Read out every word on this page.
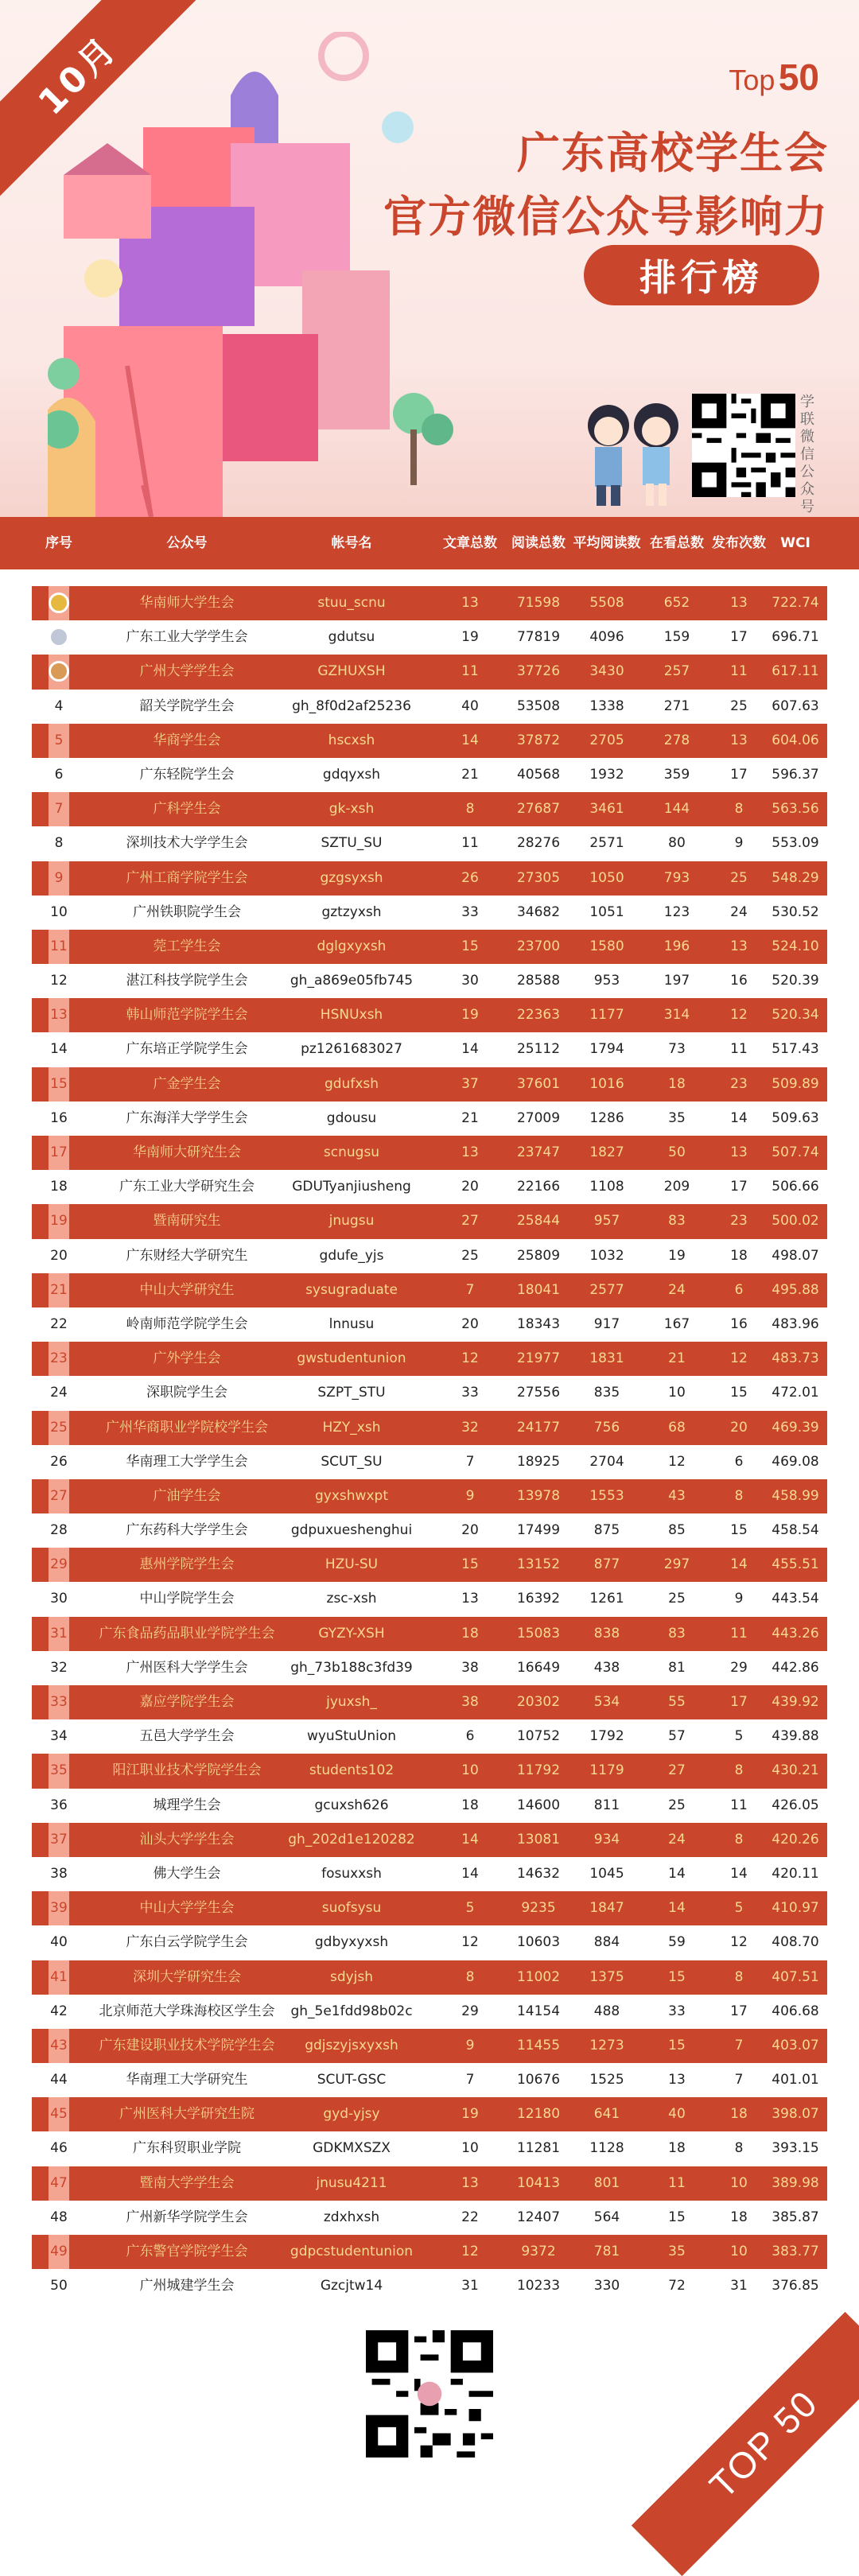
10月	Top 50
广东高校学生会
官方微信公众号影响力
排行榜
学联微信公众号
序号	公众号	帐号名	文章总数 阅读总数 平均阅读数 在看总数 发布次数 WCI
华南师大学生会	stuu_scnu	13	71598 5508	652	13 722.74
广东工业大学学生会	gdutsu	19	77819 4096	159	17 696.71
广州大学学生会	GZHUXSH	11	37726 3430	257	11 617.11
4	韶关学院学生会	gh_8f0d2af25236	40	53508 1338	271	25 607.63
5	华商学生会	hscxsh	14	37872 2705	278	13 604.06
6	广东轻院学生会	gdqyxsh	21	40568 1932	359	17 596.37
7	广科学生会	gk-xsh	8	27687 3461	144	8 563.56
8	深圳技术大学学生会	SZTU_SU	11	28276 2571	80	9 553.09
9	广州工商学院学生会	gzgsyxsh	26	27305 1050	793	25 548.29
10	广州铁职院学生会	gztzyxsh	33	34682 1051	123	24 530.52
11	莞工学生会	dglgxyxsh	15	23700 1580	196	13 524.10
12	湛江科技学院学生会	gh_a869e05fb745	30	28588	953	197	16 520.39
13	韩山师范学院学生会	HSNUxsh	19	22363 1177	314	12 520.34
14	广东培正学院学生会	pz1261683027	14	25112 1794	73	11 517.43
15	广金学生会	gdufxsh	37	37601 1016	18	23 509.89
16	广东海洋大学学生会	gdousu	21	27009 1286	35	14 509.63
17	华南师大研究生会	scnugsu	13	23747 1827	50	13 507.74
18	广东工业大学研究生会	GDUTyanjiusheng	20	22166 1108	209	17 506.66
19	暨南研究生	jnugsu	27	25844	957	83	23 500.02
20	广东财经大学研究生	gdufe_yjs	25	25809 1032	19	18 498.07
21	中山大学研究生	sysugraduate	7	18041 2577	24	6 495.88
22	岭南师范学院学生会	lnnusu	20	18343	917	167	16 483.96
23	广外学生会	gwstudentunion	12	21977 1831	21	12 483.73
24	深职院学生会	SZPT_STU	33	27556	835	10	15 472.01
25	广州华商职业学院校学生会	HZY_xsh	32	24177	756	68	20 469.39
26	华南理工大学学生会	SCUT_SU	7	18925 2704	12	6 469.08
27	广油学生会	gyxshwxpt	9	13978 1553	43	8 458.99
28	广东药科大学学生会	gdpuxueshenghui	20	17499	875	85	15 458.54
29	惠州学院学生会	HZU-SU	15	13152	877	297	14 455.51
30	中山学院学生会	zsc-xsh	13	16392 1261	25	9 443.54
31 广东食品药品职业学院学生会	GYZY-XSH	18	15083	838	83	11 443.26
32	广州医科大学学生会	gh_73b188c3fd39	38	16649	438	81	29 442.86
33	嘉应学院学生会	jyuxsh_	38	20302	534	55	17 439.92
34	五邑大学学生会	wyuStuUnion	6	10752 1792	57	5 439.88
35	阳江职业技术学院学生会	students102	10	11792 1179	27	8 430.21
36	城理学生会	gcuxsh626	18	14600	811	25	11 426.05
37	汕头大学学生会	gh_202d1e120282	14	13081	934	24	8 420.26
38	佛大学生会	fosuxxsh	14	14632 1045	14	14 420.11
39	中山大学学生会	suofsysu	5	9235	1847	14	5 410.97
40	广东白云学院学生会	gdbyxyxsh	12	10603	884	59	12 408.70
41	深圳大学研究生会	sdyjsh	8	11002 1375	15	8 407.51
42 北京师范大学珠海校区学生会 gh_5e1fdd98b02c	29	14154	488	33	17 406.68
43 广东建设职业技术学院学生会 gdjszyjsxyxsh	9	11455 1273	15	7 403.07
44	华南理工大学研究生	SCUT-GSC	7	10676 1525	13	7 401.01
45	广州医科大学研究生院	gyd-yjsy	19	12180	641	40	18 398.07
46	广东科贸职业学院	GDKMXSZX	10	11281 1128	18	8 393.15
47	暨南大学学生会	jnusu4211	13	10413	801	11	10 389.98
48	广州新华学院学生会	zdxhxsh	22	12407	564	15	18 385.87
49	广东警官学院学生会	gdpcstudentunion	12	9372	781	35	10 383.77
50	广州城建学生会	Gzcjtw14	31	10233	330	72	31 376.85
TOP 50
